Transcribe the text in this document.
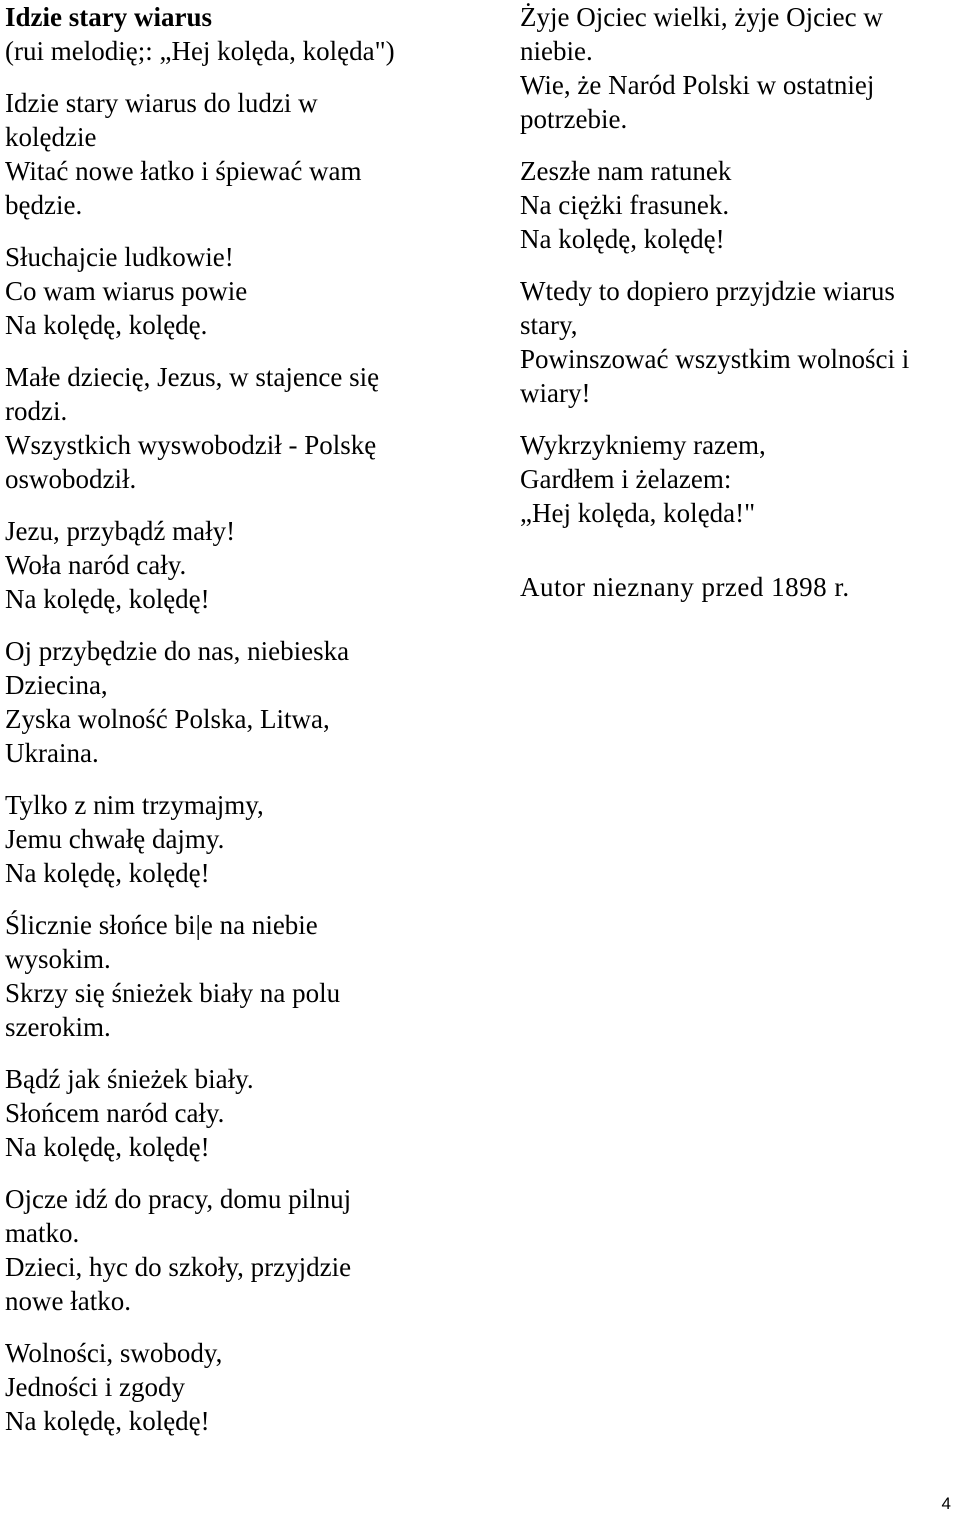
Idzie stary wiarus
(rui melodię;: „Hej kolęda, kolęda")
Idzie stary wiarus do ludzi w
kolędzie
Witać nowe łatko i śpiewać wam
będzie.
Słuchajcie ludkowie!
Co wam wiarus powie
Na kolędę, kolędę.
Małe dziecię, Jezus, w stajence się
rodzi.
Wszystkich wyswobodził - Polskę
oswobodził.
Jezu, przybądź mały!
Woła naród cały.
Na kolędę, kolędę!
Oj przybędzie do nas, niebieska
Dziecina,
Zyska wolność Polska, Litwa,
Ukraina.
Tylko z nim trzymajmy,
Jemu chwałę dajmy.
Na kolędę, kolędę!
Ślicznie słońce bi|e na niebie
wysokim.
Skrzy się śnieżek biały na polu
szerokim.
Bądź jak śnieżek biały.
Słońcem naród cały.
Na kolędę, kolędę!
Ojcze idź do pracy, domu pilnuj
matko.
Dzieci, hyc do szkoły, przyjdzie
nowe łatko.
Wolności, swobody,
Jedności i zgody
Na kolędę, kolędę!
Żyje Ojciec wielki, żyje Ojciec w
niebie.
Wie, że Naród Polski w ostatniej
potrzebie.
Zeszłe nam ratunek
Na ciężki frasunek.
Na kolędę, kolędę!
Wtedy to dopiero przyjdzie wiarus
stary,
Powinszować wszystkim wolności i
wiary!
Wykrzykniemy razem,
Gardłem i żelazem:
„Hej kolęda, kolęda!"
Autor nieznany przed 1898 r.
4
